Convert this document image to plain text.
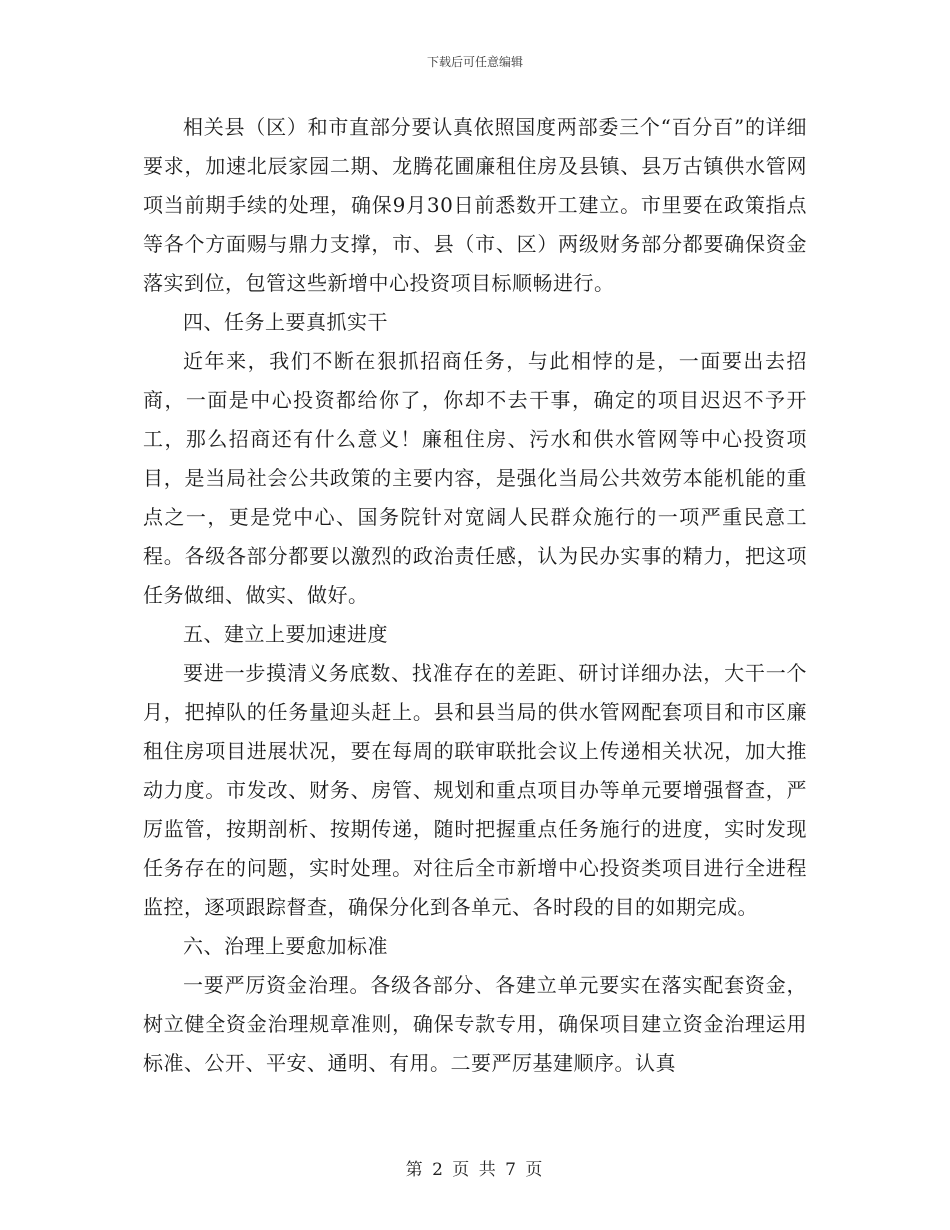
下载后可任意编辑

相关县（区）和市直部分要认真依照国度两部委三个“百分百”的详细要求，加速北辰家园二期、龙腾花圃廉租住房及县镇、县万古镇供水管网项当前期手续的处理，确保9月30日前悉数开工建立。市里要在政策指点等各个方面赐与鼎力支撑，市、县（市、区）两级财务部分都要确保资金落实到位，包管这些新增中心投资项目标顺畅进行。

四、任务上要真抓实干

近年来，我们不断在狠抓招商任务，与此相悖的是，一面要出去招商，一面是中心投资都给你了，你却不去干事，确定的项目迟迟不予开工，那么招商还有什么意义！廉租住房、污水和供水管网等中心投资项目，是当局社会公共政策的主要内容，是强化当局公共效劳本能机能的重点之一，更是党中心、国务院针对宽阔人民群众施行的一项严重民意工程。各级各部分都要以激烈的政治责任感，认为民办实事的精力，把这项任务做细、做实、做好。

五、建立上要加速进度

要进一步摸清义务底数、找准存在的差距、研讨详细办法，大干一个月，把掉队的任务量迎头赶上。县和县当局的供水管网配套项目和市区廉租住房项目进展状况，要在每周的联审联批会议上传递相关状况，加大推动力度。市发改、财务、房管、规划和重点项目办等单元要增强督查，严厉监管，按期剖析、按期传递，随时把握重点任务施行的进度，实时发现任务存在的问题，实时处理。对往后全市新增中心投资类项目进行全进程监控，逐项跟踪督查，确保分化到各单元、各时段的目的如期完成。

六、治理上要愈加标准

一要严厉资金治理。各级各部分、各建立单元要实在落实配套资金，树立健全资金治理规章准则，确保专款专用，确保项目建立资金治理运用标准、公开、平安、通明、有用。二要严厉基建顺序。认真

第 2 页 共 7 页
